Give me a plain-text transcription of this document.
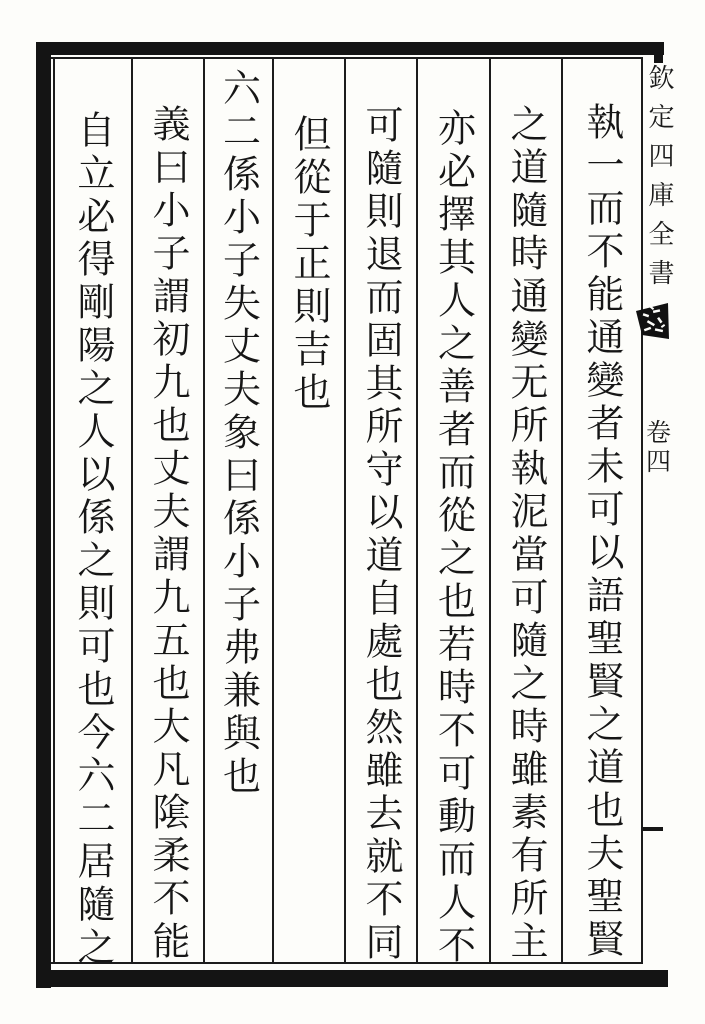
執一而不能通變者未可以語聖賢之道也夫聖賢
之道隨時通變无所執泥當可隨之時雖素有所主
亦必擇其人之善者而從之也若時不可動而人不
可隨則退而固其所守以道自處也然雖去就不同
但從于正則吉也
六二係小子失丈夫象曰係小子弗兼與也
義曰小子謂初九也丈夫謂九五也大凡隂柔不能
自立必得剛陽之人以係之則可也今六二居隨之	欽定四庫全書
卷四
